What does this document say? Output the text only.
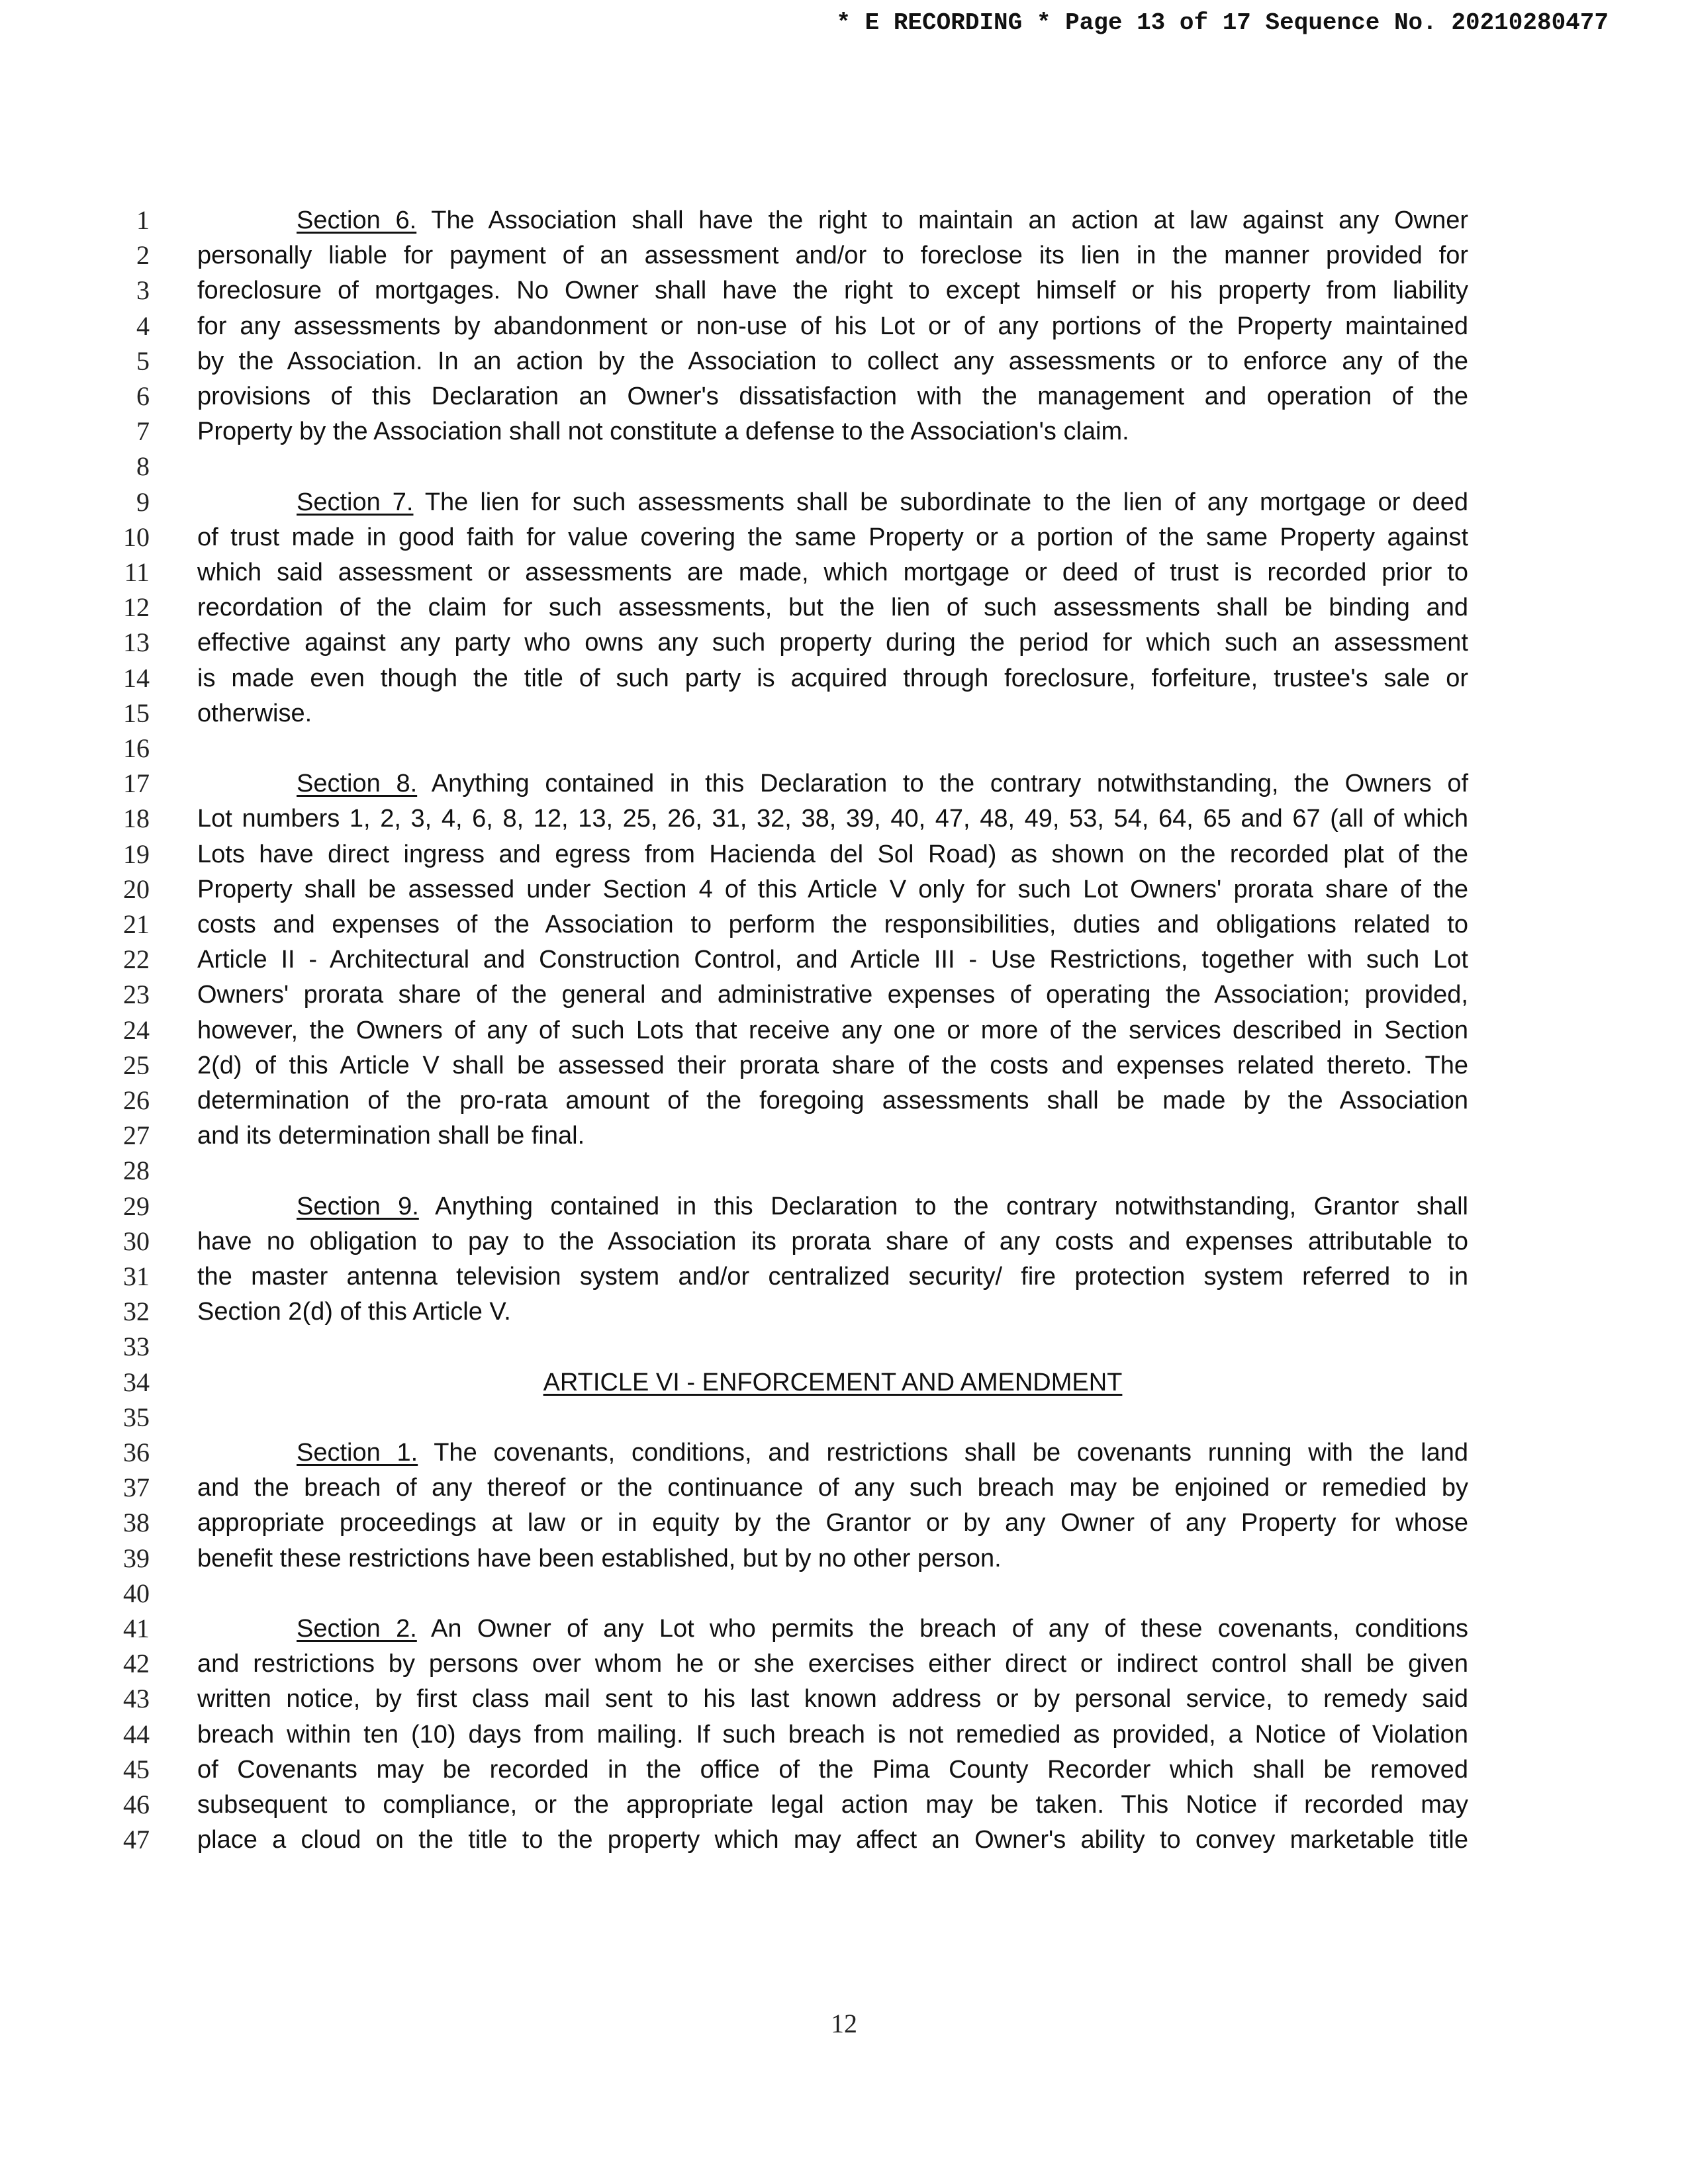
* E RECORDING * Page 13 of 17 Sequence No. 20210280477
1	Section 6. The Association shall have the right to maintain an action at law against any Owner
2 personally liable for payment of an assessment and/or to foreclose its lien in the manner provided for
3 foreclosure of mortgages. No Owner shall have the right to except himself or his property from liability
4 for any assessments by abandonment or non-use of his Lot or of any portions of the Property maintained
5 by the Association. In an action by the Association to collect any assessments or to enforce any of the
6 provisions of this Declaration an Owner's dissatisfaction with the management and operation of the
7 Property by the Association shall not constitute a defense to the Association's claim.
8
9	Section 7. The lien for such assessments shall be subordinate to the lien of any mortgage or deed
10 of trust made in good faith for value covering the same Property or a portion of the same Property against
11 which said assessment or assessments are made, which mortgage or deed of trust is recorded prior to
12 recordation of the claim for such assessments, but the lien of such assessments shall be binding and
13 effective against any party who owns any such property during the period for which such an assessment
14 is made even though the title of such party is acquired through foreclosure, forfeiture, trustee's sale or
15 otherwise.
16
17	Section 8. Anything contained in this Declaration to the contrary notwithstanding, the Owners of
18 Lot numbers 1, 2, 3, 4, 6, 8, 12, 13, 25, 26, 31, 32, 38, 39, 40, 47, 48, 49, 53, 54, 64, 65 and 67 (all of which
19 Lots have direct ingress and egress from Hacienda del Sol Road) as shown on the recorded plat of the
20 Property shall be assessed under Section 4 of this Article V only for such Lot Owners' prorata share of the
21 costs and expenses of the Association to perform the responsibilities, duties and obligations related to
22 Article II - Architectural and Construction Control, and Article III - Use Restrictions, together with such Lot
23 Owners' prorata share of the general and administrative expenses of operating the Association; provided,
24 however, the Owners of any of such Lots that receive any one or more of the services described in Section
25 2(d) of this Article V shall be assessed their prorata share of the costs and expenses related thereto. The
26 determination of the pro-rata amount of the foregoing assessments shall be made by the Association
27 and its determination shall be final.
28
29	Section 9. Anything contained in this Declaration to the contrary notwithstanding, Grantor shall
30 have no obligation to pay to the Association its prorata share of any costs and expenses attributable to
31 the master antenna television system and/or centralized security/ fire protection system referred to in
32 Section 2(d) of this Article V.
33
34	ARTICLE VI - ENFORCEMENT AND AMENDMENT
35
36	Section 1. The covenants, conditions, and restrictions shall be covenants running with the land
37 and the breach of any thereof or the continuance of any such breach may be enjoined or remedied by
38 appropriate proceedings at law or in equity by the Grantor or by any Owner of any Property for whose
39 benefit these restrictions have been established, but by no other person.
40
41	Section 2. An Owner of any Lot who permits the breach of any of these covenants, conditions
42 and restrictions by persons over whom he or she exercises either direct or indirect control shall be given
43 written notice, by first class mail sent to his last known address or by personal service, to remedy said
44 breach within ten (10) days from mailing. If such breach is not remedied as provided, a Notice of Violation
45 of Covenants may be recorded in the office of the Pima County Recorder which shall be removed
46 subsequent to compliance, or the appropriate legal action may be taken. This Notice if recorded may
47 place a cloud on the title to the property which may affect an Owner's ability to convey marketable title
12
